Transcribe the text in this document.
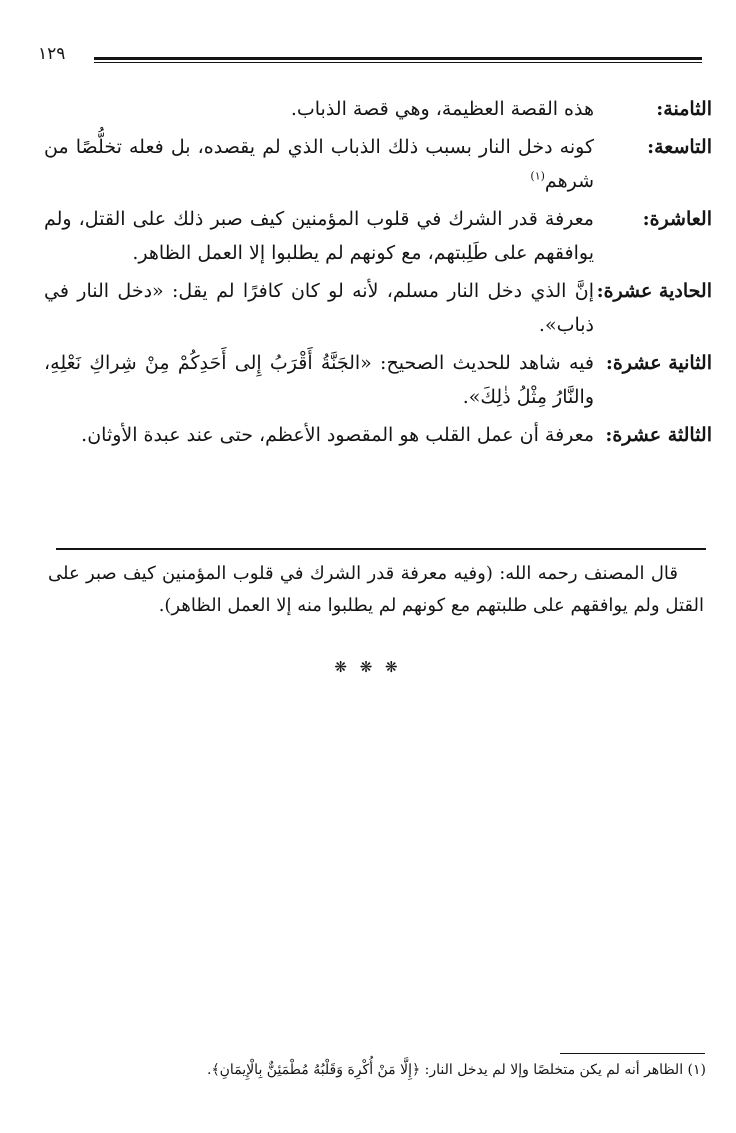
١٢٩
الثامنة:
هذه القصة العظيمة، وهي قصة الذباب.
التاسعة:
كونه دخل النار بسبب ذلك الذباب الذي لم يقصده، بل فعله تخلُّصًا من شرهم$^{(١)}$
العاشرة:
معرفة قدر الشرك في قلوب المؤمنين كيف صبر ذلك على القتل، ولم يوافقهم على طَلِبتهم، مع كونهم لم يطلبوا إلا العمل الظاهر.
الحادية عشرة:
إنَّ الذي دخل النار مسلم، لأنه لو كان كافرًا لم يقل: «دخل النار في ذباب».
الثانية عشرة:
فيه شاهد للحديث الصحيح: «الجَنَّةُ أَقْرَبُ إِلى أَحَدِكُمْ مِنْ شِراكِ نَعْلِهِ، والنَّارُ مِثْلُ ذٰلِكَ».
الثالثة عشرة:
معرفة أن عمل القلب هو المقصود الأعظم، حتى عند عبدة الأوثان.
قال المصنف رحمه الله: (وفيه معرفة قدر الشرك في قلوب المؤمنين كيف صبر على القتل ولم يوافقهم على طلبتهم مع كونهم لم يطلبوا منه إلا العمل الظاهر).
❋ ❋ ❋
(١) الظاهر أنه لم يكن متخلصًا وإلا لم يدخل النار: ﴿إِلَّا مَنْ أُكْرِهَ وَقَلْبُهُ مُطْمَئِنٌّ بِالْإِيمَانِ﴾.
